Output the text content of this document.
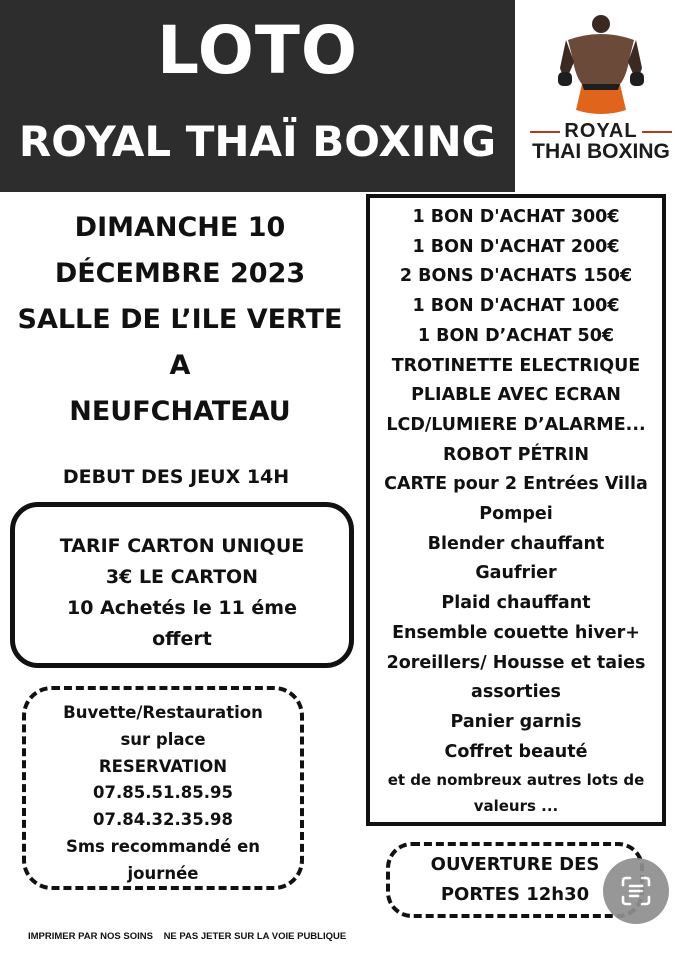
LOTO
ROYAL THAÏ BOXING	ROYAL
THAI BOXING
DIMANCHE 10
DÉCEMBRE 2023
SALLE DE L’ILE VERTE
A
NEUFCHATEAU
DEBUT DES JEUX 14H
TARIF CARTON UNIQUE
3€ LE CARTON
10 Achetés le 11 éme
offert
Buvette/Restauration
sur place
RESERVATION
07.85.51.85.95
07.84.32.35.98
Sms recommandé en
journée
1 BON D'ACHAT 300€
1 BON D'ACHAT 200€
2 BONS D'ACHATS 150€
1 BON D'ACHAT 100€
1 BON D’ACHAT 50€
TROTINETTE ELECTRIQUE
PLIABLE AVEC ECRAN
LCD/LUMIERE D’ALARME...
ROBOT PÉTRIN
CARTE pour 2 Entrées Villa
Pompei
Blender chauffant
Gaufrier
Plaid chauffant
Ensemble couette hiver+
2oreillers/ Housse et taies
assorties
Panier garnis
Coffret beauté
et de nombreux autres lots de
valeurs ...
OUVERTURE DES
PORTES 12h30
IMPRIMER PAR NOS SOINS NE PAS JETER SUR LA VOIE PUBLIQUE
